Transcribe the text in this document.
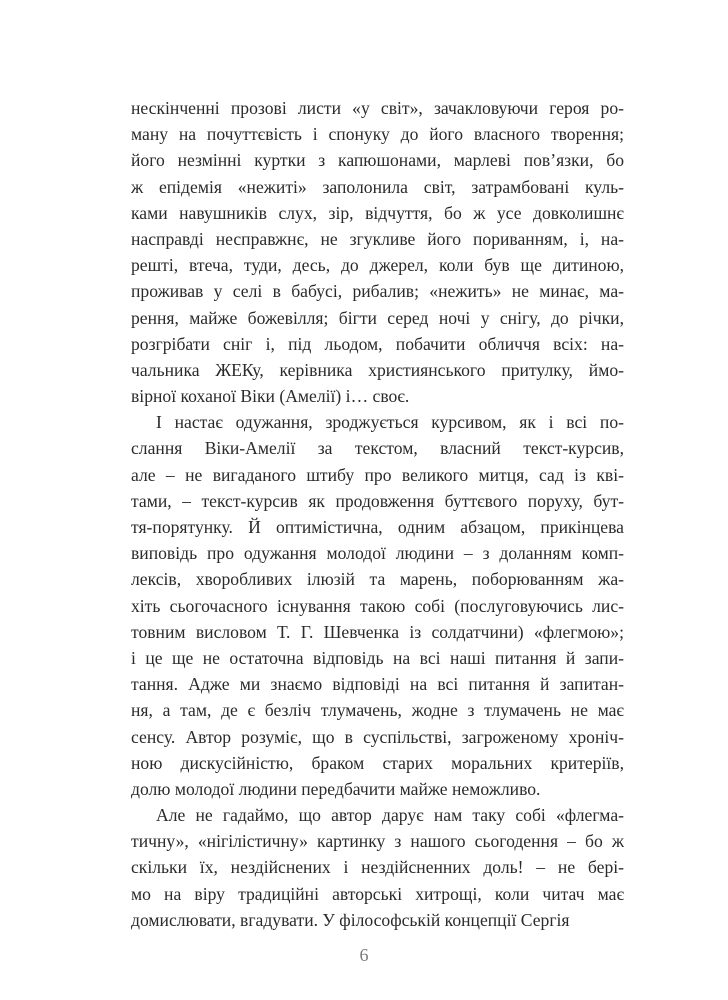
нескінченні прозові листи «у світ», зачакловуючи героя ро-
ману на почуттєвість і спонуку до його власного творення;
його незмінні куртки з капюшонами, марлеві пов’язки, бо
ж епідемія «нежиті» заполонила світ, затрамбовані куль-
ками навушників слух, зір, відчуття, бо ж усе довколишнє
насправді несправжнє, не згукливе його пориванням, і, на-
решті, втеча, туди, десь, до джерел, коли був ще дитиною,
проживав у селі в бабусі, рибалив; «нежить» не минає, ма-
рення, майже божевілля; бігти серед ночі у снігу, до річки,
розгрібати сніг і, під льодом, побачити обличчя всіх: на-
чальника ЖЕКу, керівника християнського притулку, ймо-
вірної коханої Віки (Амелії) і… своє.
І настає одужання, зроджується курсивом, як і всі по-
слання Віки-Амелії за текстом, власний текст-курсив,
але – не вигаданого штибу про великого митця, сад із кві-
тами, – текст-курсив як продовження буттєвого поруху, бут-
тя-порятунку. Й оптимістична, одним абзацом, прикінцева
виповідь про одужання молодої людини – з доланням комп-
лексів, хворобливих ілюзій та марень, поборюванням жа-
хіть сьогочасного існування такою собі (послуговуючись лис-
товним висловом Т. Г. Шевченка із солдатчини) «флегмою»;
і це ще не остаточна відповідь на всі наші питання й запи-
тання. Адже ми знаємо відповіді на всі питання й запитан-
ня, а там, де є безліч тлумачень, жодне з тлумачень не має
сенсу. Автор розуміє, що в суспільстві, загроженому хроніч-
ною дискусійністю, браком старих моральних критеріїв,
долю молодої людини передбачити майже неможливо.
Але не гадаймо, що автор дарує нам таку собі «флегма-
тичну», «нігілістичну» картинку з нашого сьогодення – бо ж
скільки їх, нездійснених і нездійсненних доль! – не бері-
мо на віру традиційні авторські хитрощі, коли читач має
домислювати, вгадувати. У філософській концепції Сергія
6
